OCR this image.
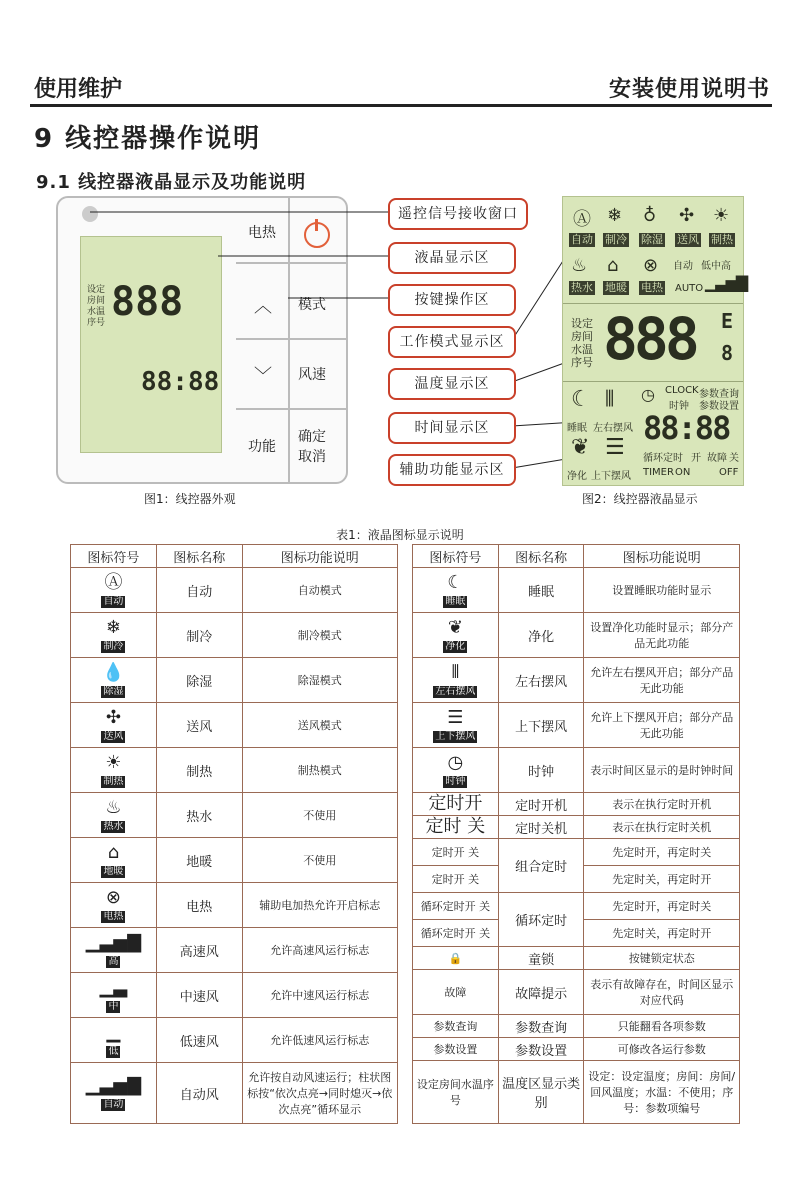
使用维护	安装使用说明书
9 线控器操作说明
9.1 线控器液晶显示及功能说明
设定
房间
水温
序号 888
88:88
电热
︿ 模式
﹀ 风速
功能
确定
取消
遥控信号接收窗口
液晶显示区
按键操作区
工作模式显示区
温度显示区
时间显示区
辅助功能显示区
Ⓐ ❄ ♁ ✣ ☀
自动 制冷 除湿 送风 制热
♨ ⌂ ⊗ 自动 低中高
热水 地暖 电热 AUTO ▁▃▅▇
设定
房间
水温
序号 888 E
8
☾ ⫴
睡眠 左右摆风
❦ ☰
净化 上下摆风
◷ CLOCK 参数查询
时钟 参数设置
88:88
循环定时 开 故障 关
TIMER ON	OFF
图1：线控器外观	图2：线控器液晶显示
表1：液晶图标显示说明
图标符号	图标名称	图标功能说明

Ⓐ
自动	自动	自动模式

❄
制冷	制冷	制冷模式

💧
除湿	除湿	除湿模式

✣
送风	送风	送风模式

☀
制热	制热	制热模式

♨
热水	热水	不使用

⌂
地暖	地暖	不使用

⊗
电热	电热	辅助电加热允许开启标志

▁▃▅▇
高	高速风	允许高速风运行标志

▁▃
中	中速风	允许中速风运行标志

▁
低	低速风	允许低速风运行标志

▁▃▅▇
自动	自动风	允许按自动风速运行；柱状图标按“依次点亮→同时熄灭→依次点亮”循环显示
图标符号	图标名称	图标功能说明

☾
睡眠	睡眠	设置睡眠功能时显示

❦
净化	净化	设置净化功能时显示；部分产品无此功能

⫴
左右摆风	左右摆风	允许左右摆风开启；部分产品无此功能

☰
上下摆风	上下摆风	允许上下摆风开启；部分产品无此功能

◷
时钟	时钟	表示时间区显示的是时钟时间

定时开	定时开机	表示在执行定时开机

定时 关	定时关机	表示在执行定时关机
定时开 关	组合定时	先定时开，再定时关
定时开 关		先定时关，再定时开
循环定时开 关	循环定时	先定时开，再定时关
循环定时开 关		先定时关，再定时开
🔒	童锁	按键锁定状态
故障	故障提示	表示有故障存在，时间区显示对应代码
参数查询	参数查询	只能翻看各项参数
参数设置	参数设置	可修改各运行参数
设定房间水温序号	温度区显示类别	设定：设定温度；房间：房间/回风温度；水温：不使用；序号：参数项编号
